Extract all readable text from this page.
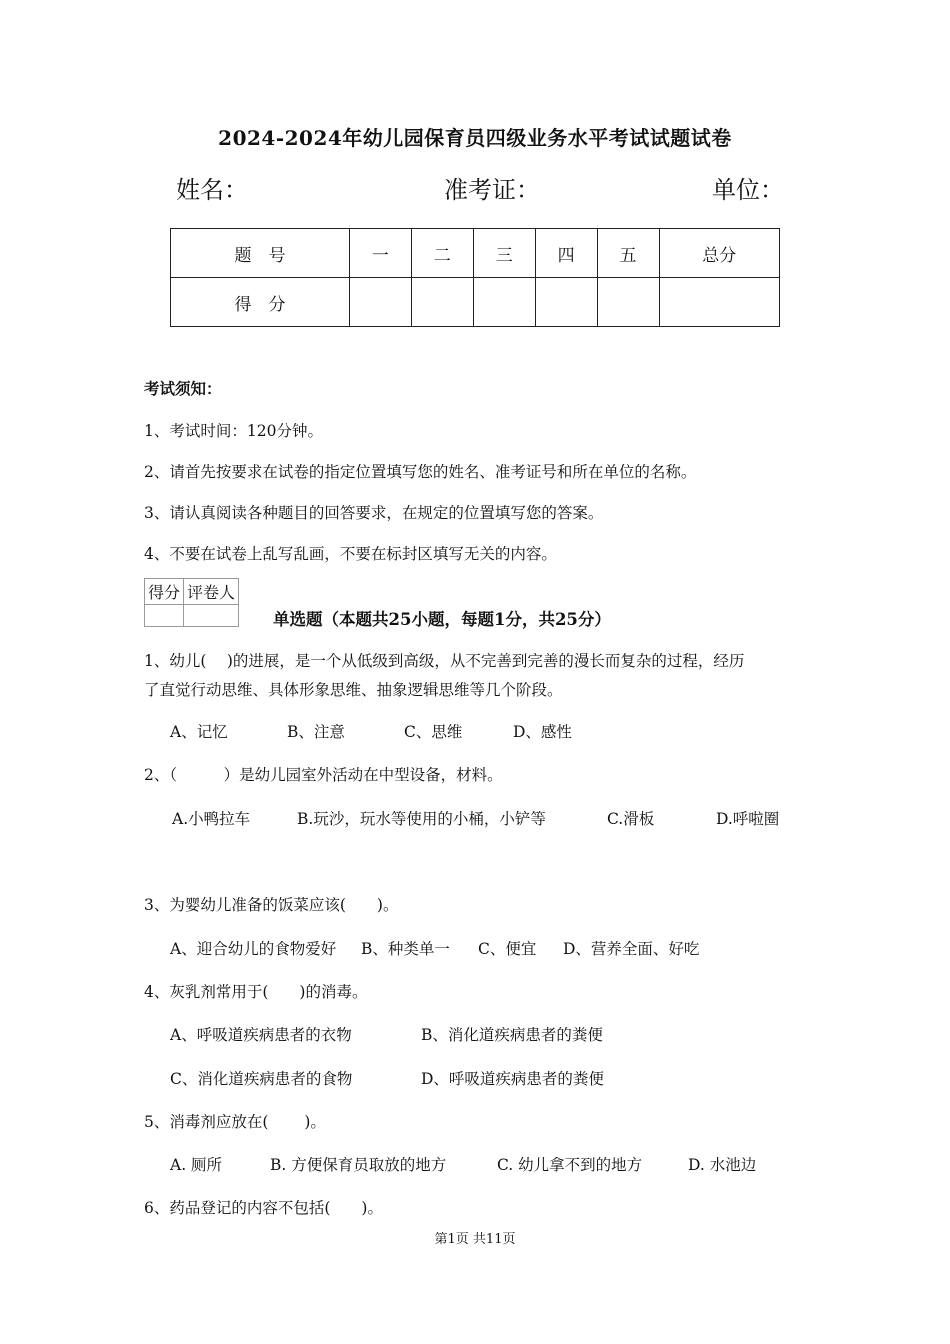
2024-2024年幼儿园保育员四级业务水平考试试题试卷
姓名：	准考证：	单位：
题　号	一	二	三	四	五	总分
得　分						
考试须知：
1、考试时间：120分钟。
2、请首先按要求在试卷的指定位置填写您的姓名、准考证号和所在单位的名称。
3、请认真阅读各种题目的回答要求，在规定的位置填写您的答案。
4、不要在试卷上乱写乱画，不要在标封区填写无关的内容。
得分	评卷人

单选题（本题共25小题，每题1分，共25分）
1、幼儿(　 )的进展，是一个从低级到高级，从不完善到完善的漫长而复杂的过程，经历
了直觉行动思维、具体形象思维、抽象逻辑思维等几个阶段。
A、记忆	B、注意	C、思维	D、感性
2、（　　　）是幼儿园室外活动在中型设备，材料。
A.小鸭拉车	B.玩沙，玩水等使用的小桶，小铲等	C.滑板	D.呼啦圈
3、为婴幼儿准备的饭菜应该(　　)。
A、迎合幼儿的食物爱好 B、种类单一 C、便宜 D、营养全面、好吃
4、灰乳剂常用于(　　)的消毒。
A、呼吸道疾病患者的衣物	B、消化道疾病患者的粪便
C、消化道疾病患者的食物	D、呼吸道疾病患者的粪便
5、消毒剂应放在(　　 )。
A. 厕所	B. 方便保育员取放的地方	C. 幼儿拿不到的地方	D. 水池边
6、药品登记的内容不包括(　　)。
第1页 共11页
